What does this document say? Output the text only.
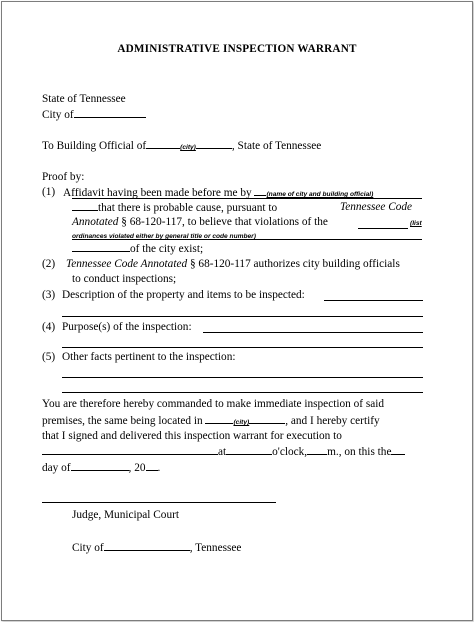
ADMINISTRATIVE INSPECTION WARRANT
State of Tennessee
City of
To Building Official of	(city)	, State of Tennessee
Proof by:
(1) Affidavit having been made before me by (name of city and building official)
that there is probable cause, pursuant to	Tennessee Code
Annotated § 68-120-117, to believe that violations of the	(list
ordinances violated either by general title or code number)
of the city exist;
(2) Tennessee Code Annotated § 68-120-117 authorizes city building officials
to conduct inspections;
(3) Description of the property and items to be inspected:
(4) Purpose(s) of the inspection:
(5) Other facts pertinent to the inspection:
You are therefore hereby commanded to make immediate inspection of said
premises, the same being located in	(city)	, and I hereby certify
that I signed and delivered this inspection warrant for execution to
at	o'clock, m., on this the
day of	, 20 .
Judge, Municipal Court
City of	, Tennessee
